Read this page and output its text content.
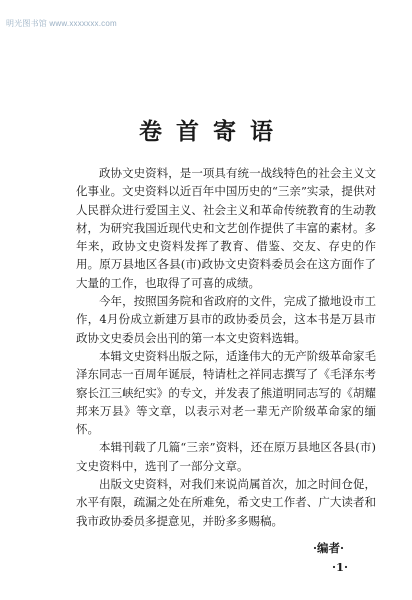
明光图书馆 www.xxxxxxx.com
卷首寄语

政协文史资料，是一项具有统一战线特色的社会主义文化事业。文史资料以近百年中国历史的“三亲”实录，提供对人民群众进行爱国主义、社会主义和革命传统教育的生动教材，为研究我国近现代史和文艺创作提供了丰富的素材。多年来，政协文史资料发挥了教育、借鉴、交友、存史的作用。原万县地区各县(市)政协文史资料委员会在这方面作了大量的工作，也取得了可喜的成绩。

今年，按照国务院和省政府的文件，完成了撤地设市工作，4月份成立新建万县市的政协委员会，这本书是万县市政协文史委员会出刊的第一本文史资料选辑。

本辑文史资料出版之际，适逢伟大的无产阶级革命家毛泽东同志一百周年诞辰，特请杜之祥同志撰写了《毛泽东考察长江三峡纪实》的专文，并发表了熊道明同志写的《胡耀邦来万县》等文章，以表示对老一辈无产阶级革命家的缅怀。

本辑刊载了几篇“三亲”资料，还在原万县地区各县(市)文史资料中，选刊了一部分文章。

出版文史资料，对我们来说尚属首次，加之时间仓促，水平有限，疏漏之处在所难免，希文史工作者、广大读者和我市政协委员多提意见，并盼多多赐稿。

·编者·
·1·
